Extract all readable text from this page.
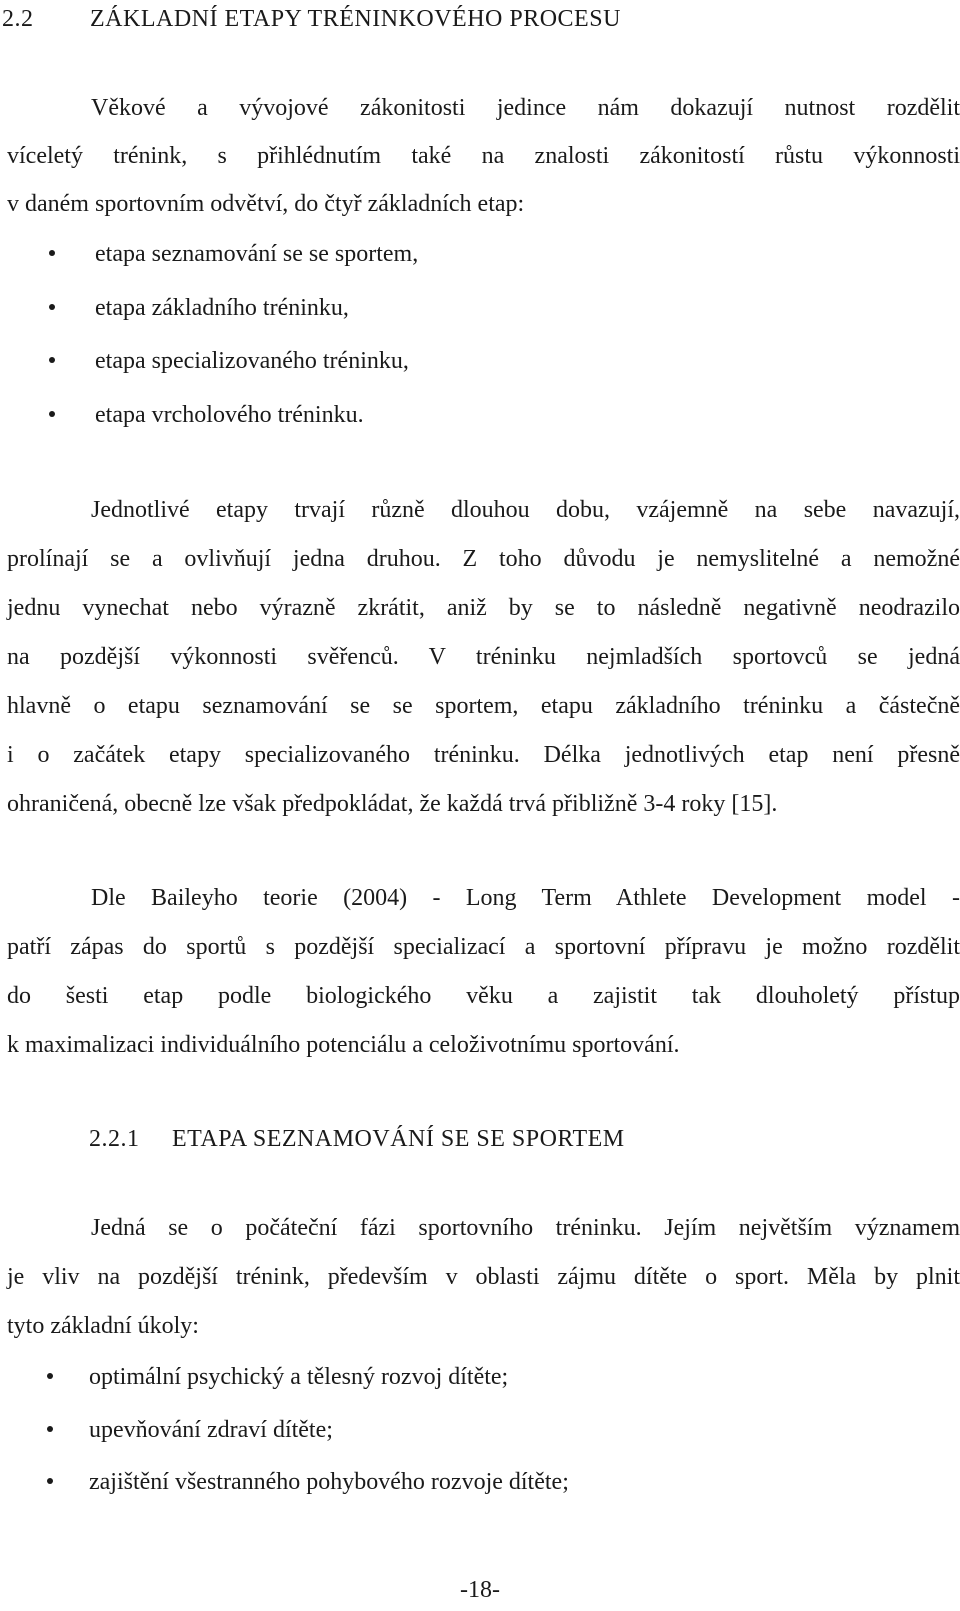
2.2 ZÁKLADNÍ ETAPY TRÉNINKOVÉHO PROCESU
Věkové a vývojové zákonitosti jedince nám dokazují nutnost rozdělit
víceletý trénink, s přihlédnutím také na znalosti zákonitostí růstu výkonnosti
v daném sportovním odvětví, do čtyř základních etap:
etapa seznamování se se sportem,
etapa základního tréninku,
etapa specializovaného tréninku,
etapa vrcholového tréninku.
Jednotlivé etapy trvají různě dlouhou dobu, vzájemně na sebe navazují,
prolínají se a ovlivňují jedna druhou. Z toho důvodu je nemyslitelné a nemožné
jednu vynechat nebo výrazně zkrátit, aniž by se to následně negativně neodrazilo
na pozdější výkonnosti svěřenců. V tréninku nejmladších sportovců se jedná
hlavně o etapu seznamování se se sportem, etapu základního tréninku a částečně
i o začátek etapy specializovaného tréninku. Délka jednotlivých etap není přesně
ohraničená, obecně lze však předpokládat, že každá trvá přibližně 3-4 roky [15].
Dle Baileyho teorie (2004) - Long Term Athlete Development model -
patří zápas do sportů s pozdější specializací a sportovní přípravu je možno rozdělit
do šesti etap podle biologického věku a zajistit tak dlouholetý přístup
k maximalizaci individuálního potenciálu a celoživotnímu sportování.
2.2.1 ETAPA SEZNAMOVÁNÍ SE SE SPORTEM
Jedná se o počáteční fázi sportovního tréninku. Jejím největším významem
je vliv na pozdější trénink, především v oblasti zájmu dítěte o sport. Měla by plnit
tyto základní úkoly:
optimální psychický a tělesný rozvoj dítěte;
upevňování zdraví dítěte;
zajištění všestranného pohybového rozvoje dítěte;
-18-
